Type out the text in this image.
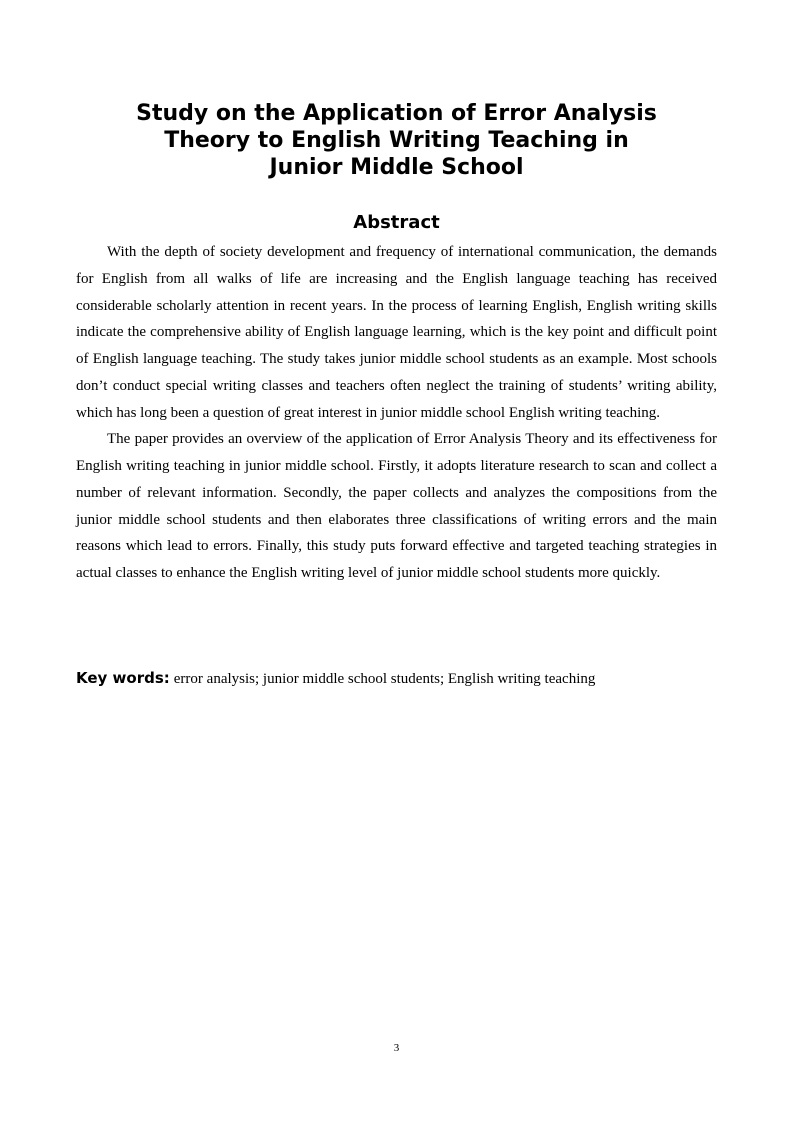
Study on the Application of Error Analysis
Theory to English Writing Teaching in
Junior Middle School
Abstract

With the depth of society development and frequency of international communication, the demands for English from all walks of life are increasing and the English language teaching has received considerable scholarly attention in recent years. In the process of learning English, English writing skills indicate the comprehensive ability of English language learning, which is the key point and difficult point of English language teaching. The study takes junior middle school students as an example. Most schools don’t conduct special writing classes and teachers often neglect the training of students’ writing ability, which has long been a question of great interest in junior middle school English writing teaching.

The paper provides an overview of the application of Error Analysis Theory and its effectiveness for English writing teaching in junior middle school. Firstly, it adopts literature research to scan and collect a number of relevant information. Secondly, the paper collects and analyzes the compositions from the junior middle school students and then elaborates three classifications of writing errors and the main reasons which lead to errors. Finally, this study puts forward effective and targeted teaching strategies in actual classes to enhance the English writing level of junior middle school students more quickly.

Key words: error analysis; junior middle school students; English writing teaching

3
